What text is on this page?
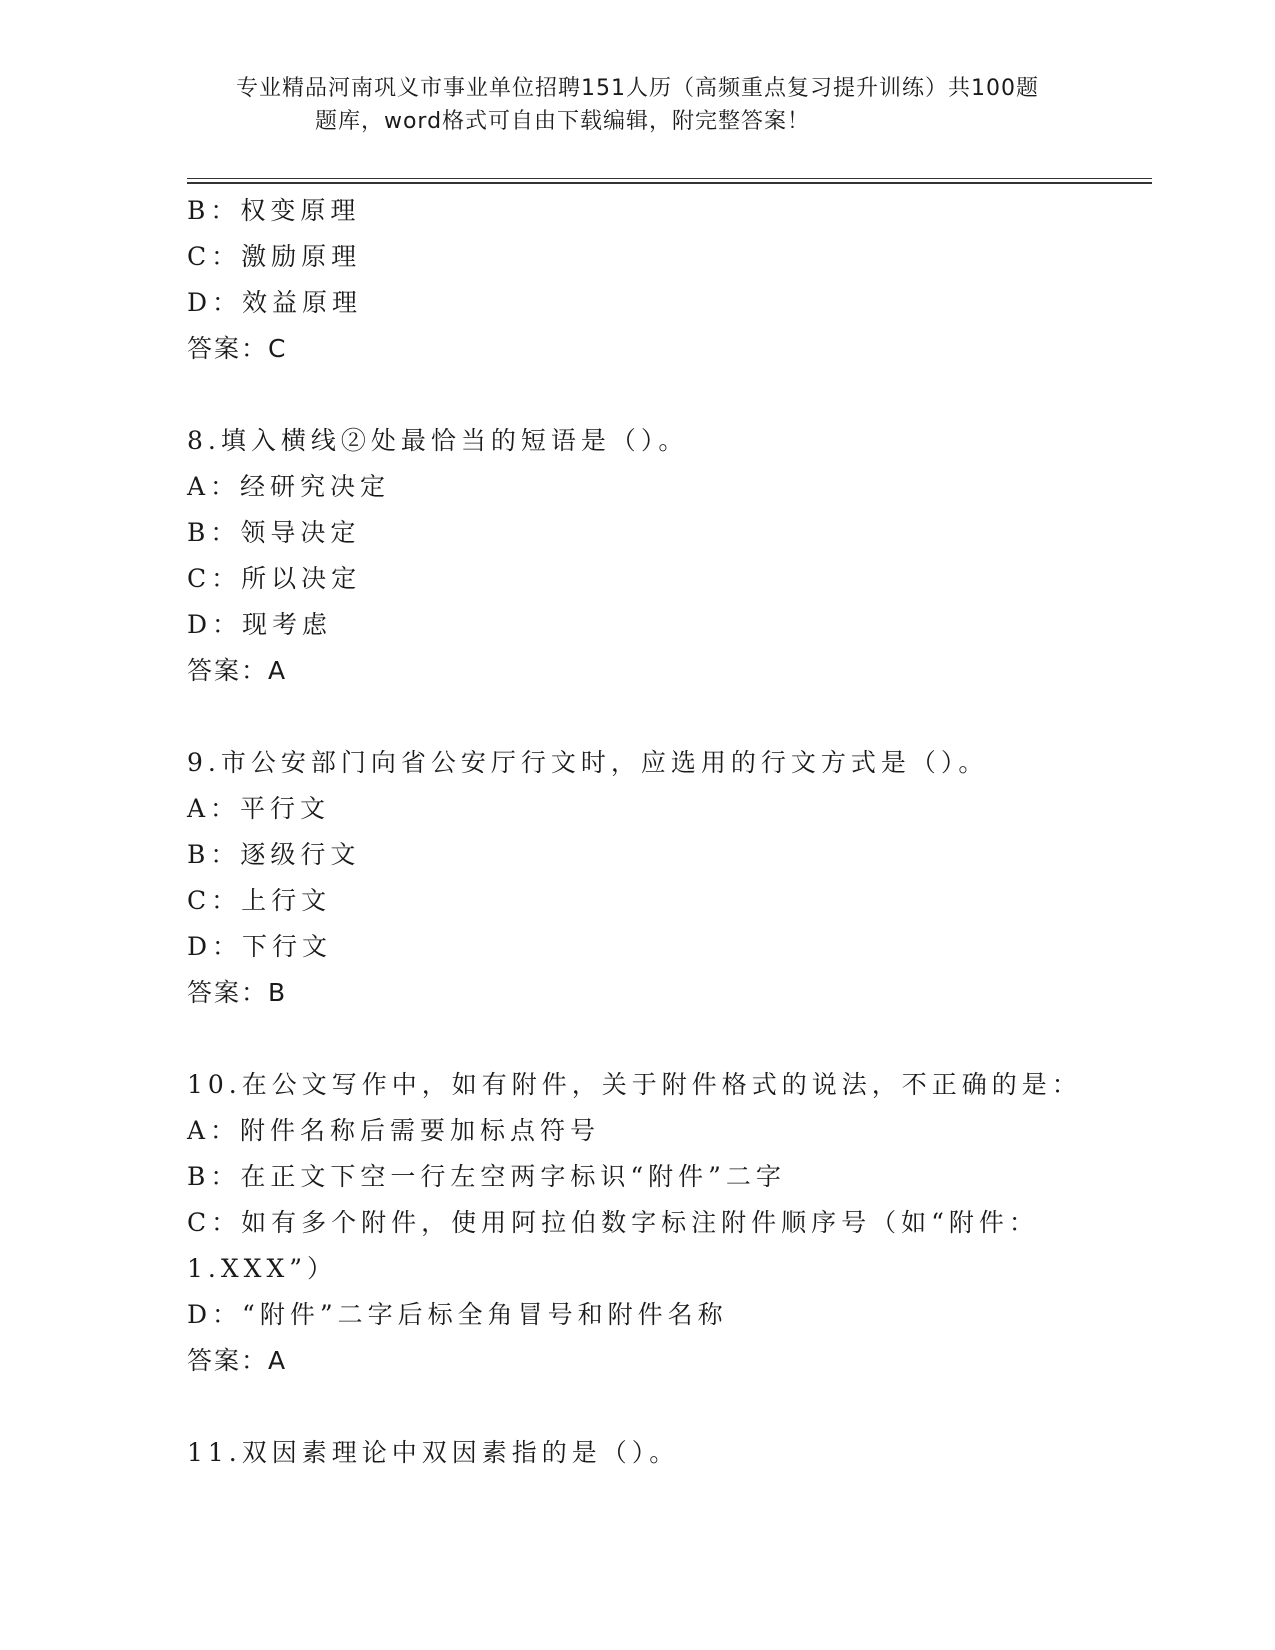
专业精品河南巩义市事业单位招聘151人历（高频重点复习提升训练）共100题

题库，word格式可自由下载编辑，附完整答案！
B：权变原理
C：激励原理
D：效益原理
答案：C
8.填入横线②处最恰当的短语是（）。
A：经研究决定
B：领导决定
C：所以决定
D：现考虑
答案：A
9.市公安部门向省公安厅行文时，应选用的行文方式是（）。
A：平行文
B：逐级行文
C：上行文
D：下行文
答案：B
10.在公文写作中，如有附件，关于附件格式的说法，不正确的是：
A：附件名称后需要加标点符号
B：在正文下空一行左空两字标识“附件”二字
C：如有多个附件，使用阿拉伯数字标注附件顺序号（如“附件：
1.XXX”）
D：“附件”二字后标全角冒号和附件名称
答案：A
11.双因素理论中双因素指的是（）。
